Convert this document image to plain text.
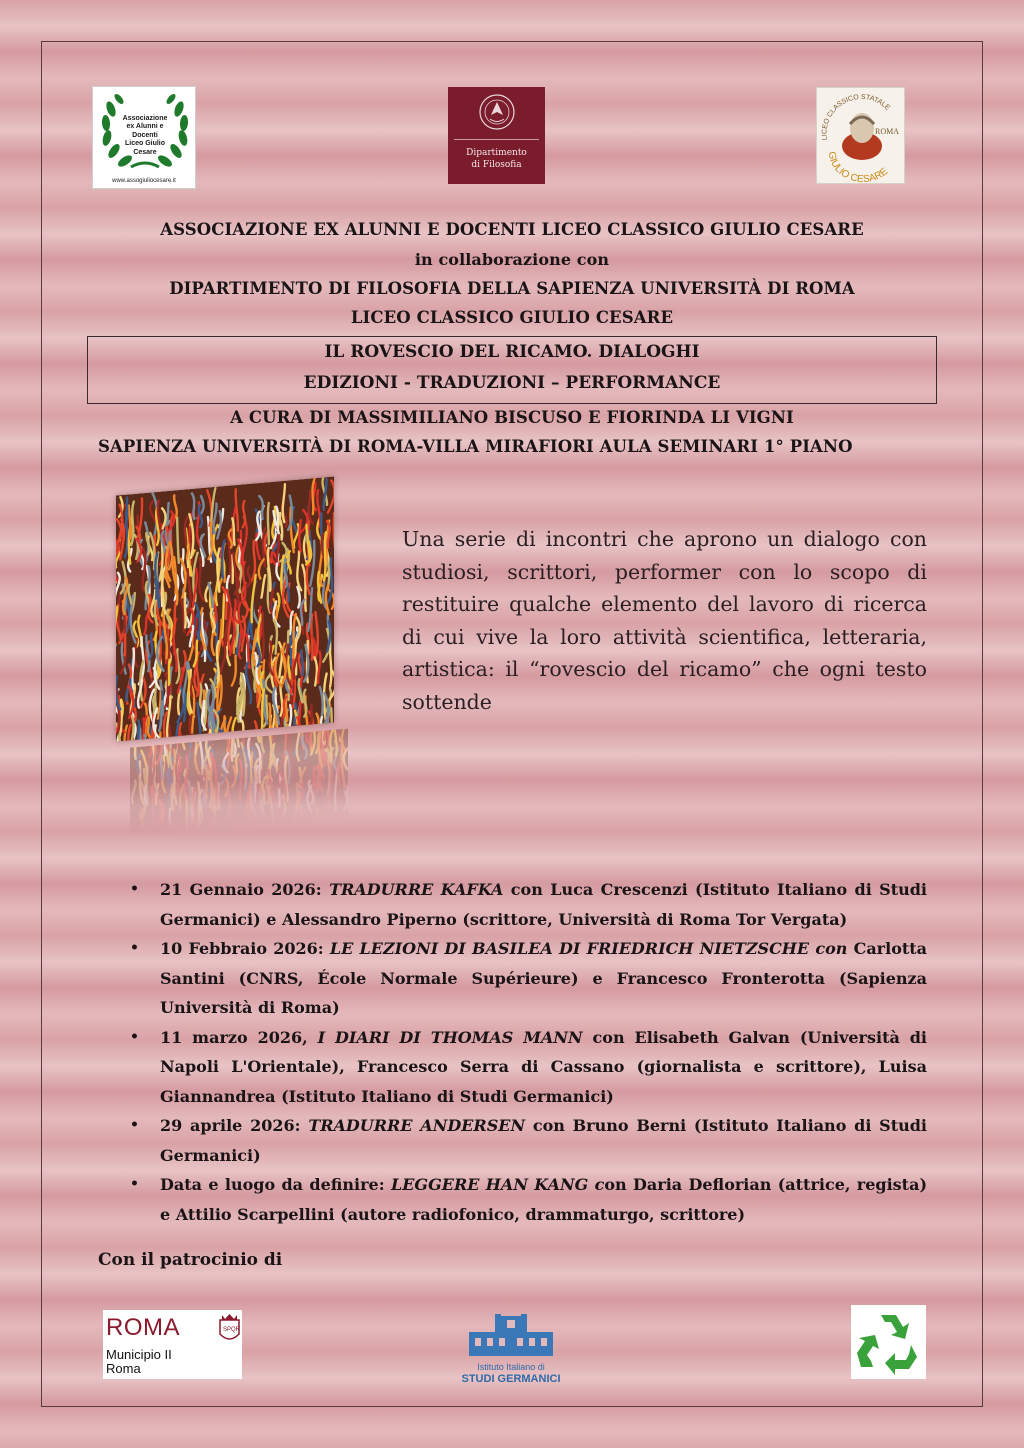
Associazione
ex Alunni e Docenti
Liceo Giulio Cesare
www.assogiuliocesare.it
Dipartimento
di Filosofia
LICEO CLASSICO STATALE
ROMA
GIULIO CESARE
ASSOCIAZIONE EX ALUNNI E DOCENTI LICEO CLASSICO GIULIO CESARE
in collaborazione con
DIPARTIMENTO DI FILOSOFIA DELLA SAPIENZA UNIVERSITÀ DI ROMA
LICEO CLASSICO GIULIO CESARE
IL ROVESCIO DEL RICAMO. DIALOGHI
EDIZIONI - TRADUZIONI – PERFORMANCE
A CURA DI MASSIMILIANO BISCUSO E FIORINDA LI VIGNI
SAPIENZA UNIVERSITÀ DI ROMA-VILLA MIRAFIORI AULA SEMINARI 1° PIANO
Una serie di incontri che aprono un dialogo con studiosi, scrittori, performer con lo scopo di restituire qualche elemento del lavoro di ricerca di cui vive la loro attività scientifica, letteraria, artistica: il “rovescio del ricamo” che ogni testo sottende
• 21 Gennaio 2026: TRADURRE KAFKA con Luca Crescenzi (Istituto Italiano di Studi Germanici) e Alessandro Piperno (scrittore, Università di Roma Tor Vergata)
• 10 Febbraio 2026: LE LEZIONI DI BASILEA DI FRIEDRICH NIETZSCHE con Carlotta Santini (CNRS, École Normale Supérieure) e Francesco Fronterotta (Sapienza Università di Roma)
• 11 marzo 2026, I DIARI DI THOMAS MANN con Elisabeth Galvan (Università di Napoli L'Orientale), Francesco Serra di Cassano (giornalista e scrittore), Luisa Giannandrea (Istituto Italiano di Studi Germanici)
• 29 aprile 2026: TRADURRE ANDERSEN con Bruno Berni (Istituto Italiano di Studi Germanici)
• Data e luogo da definire: LEGGERE HAN KANG con Daria Deflorian (attrice, regista) e Attilio Scarpellini (autore radiofonico, drammaturgo, scrittore)
Con il patrocinio di
ROMA	SPQR
Municipio II
Roma	Istituto Italiano di
STUDI GERMANICI
